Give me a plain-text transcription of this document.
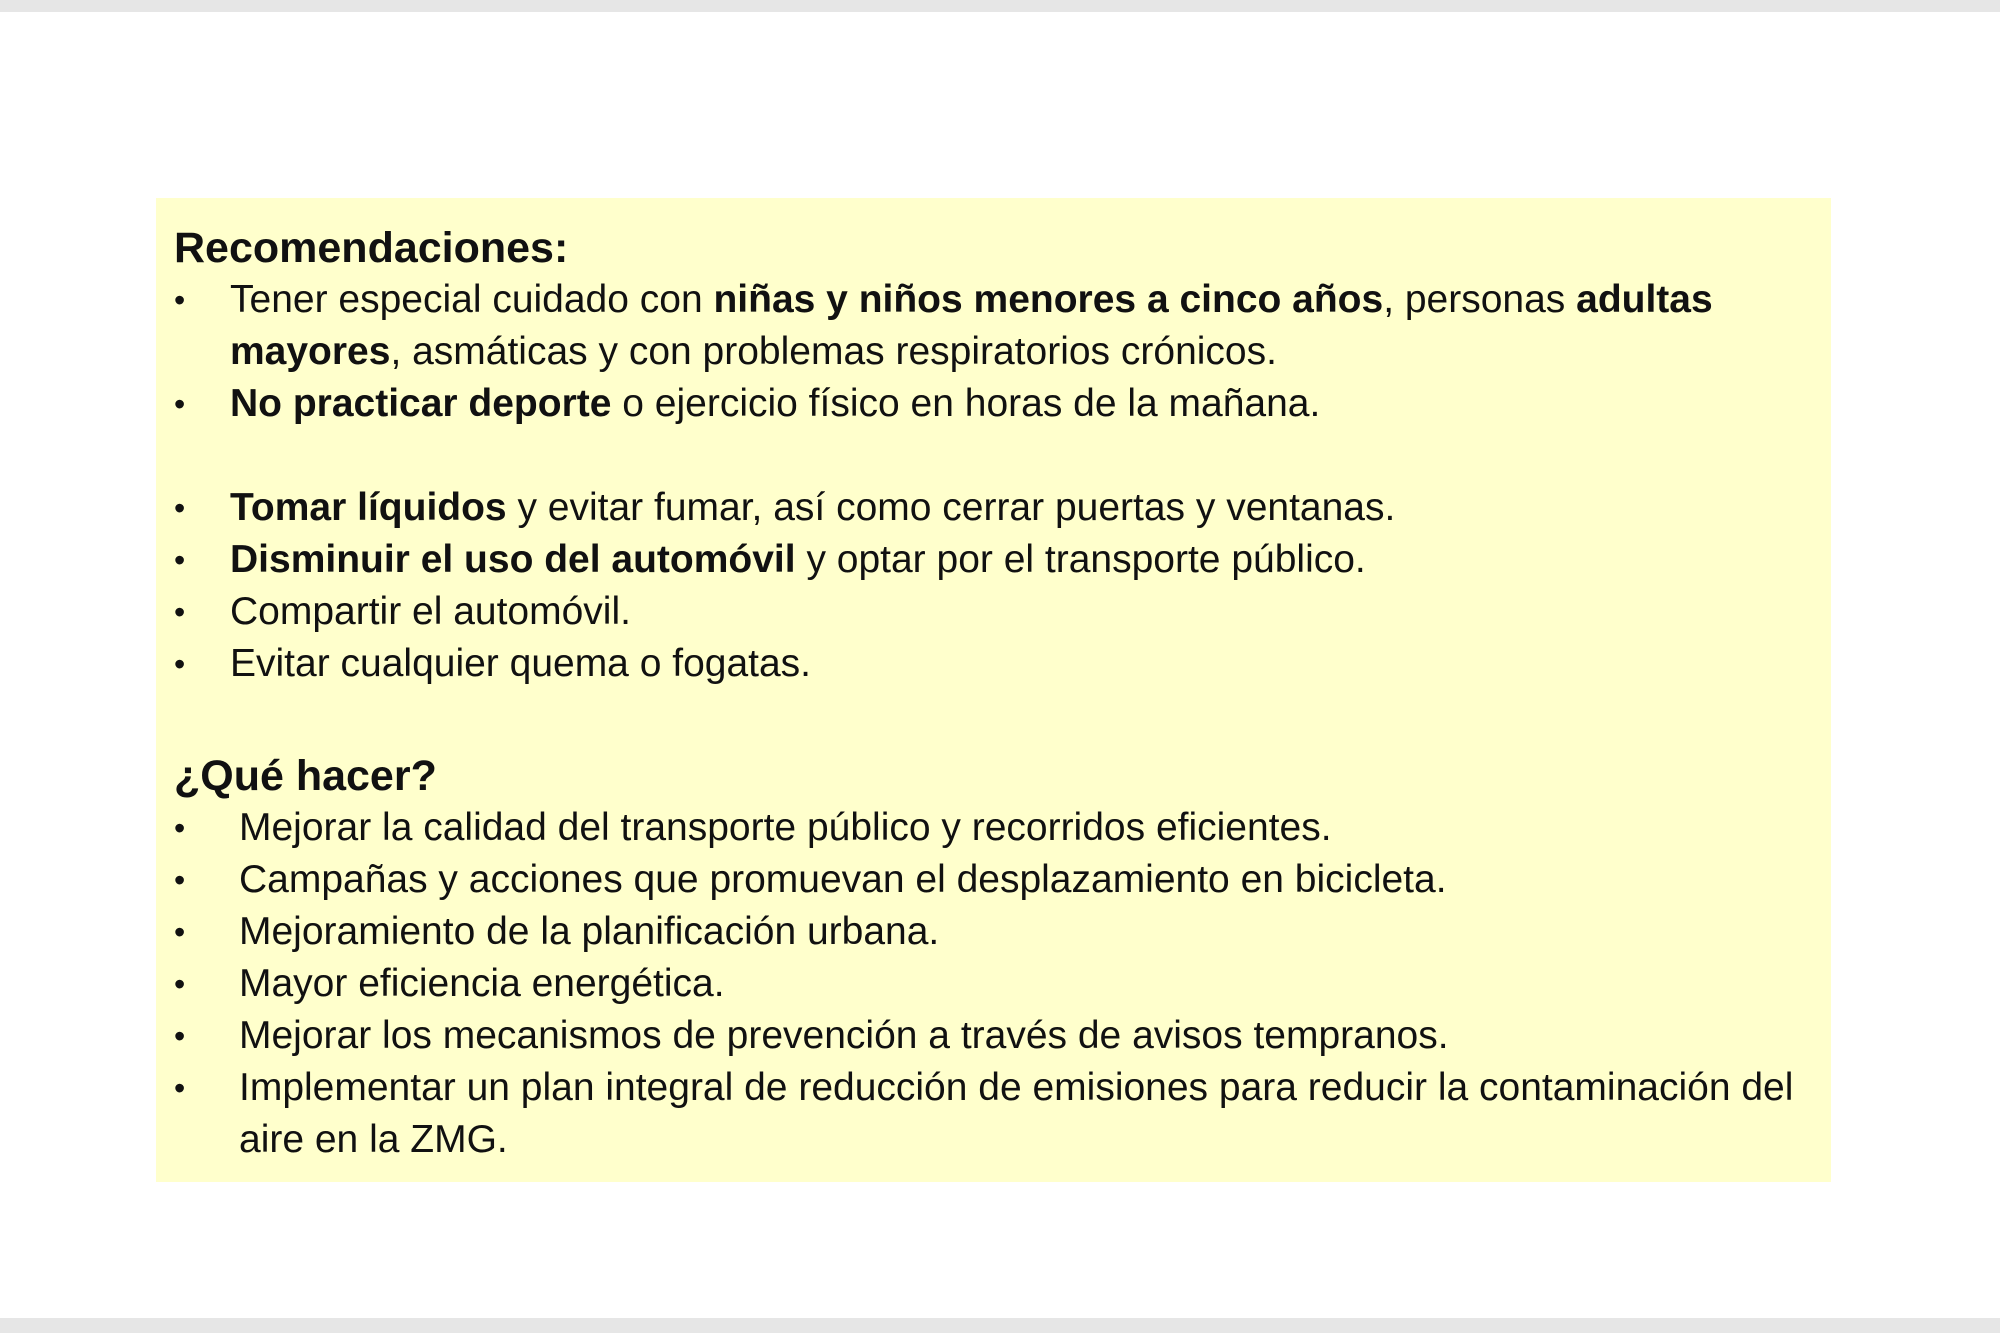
Recomendaciones:
•	Tener especial cuidado con niñas y niños menores a cinco años, personas adultas mayores, asmáticas y con problemas respiratorios crónicos.
•	No practicar deporte o ejercicio físico en horas de la mañana.
•	Tomar líquidos y evitar fumar, así como cerrar puertas y ventanas.
•	Disminuir el uso del automóvil y optar por el transporte público.
•	Compartir el automóvil.
•	Evitar cualquier quema o fogatas.
¿Qué hacer?
•	Mejorar la calidad del transporte público y recorridos eficientes.
•	Campañas y acciones que promuevan el desplazamiento en bicicleta.
•	Mejoramiento de la planificación urbana.
•	Mayor eficiencia energética.
•	Mejorar los mecanismos de prevención a través de avisos tempranos.
•	Implementar un plan integral de reducción de emisiones para reducir la contaminación del aire en la ZMG.
